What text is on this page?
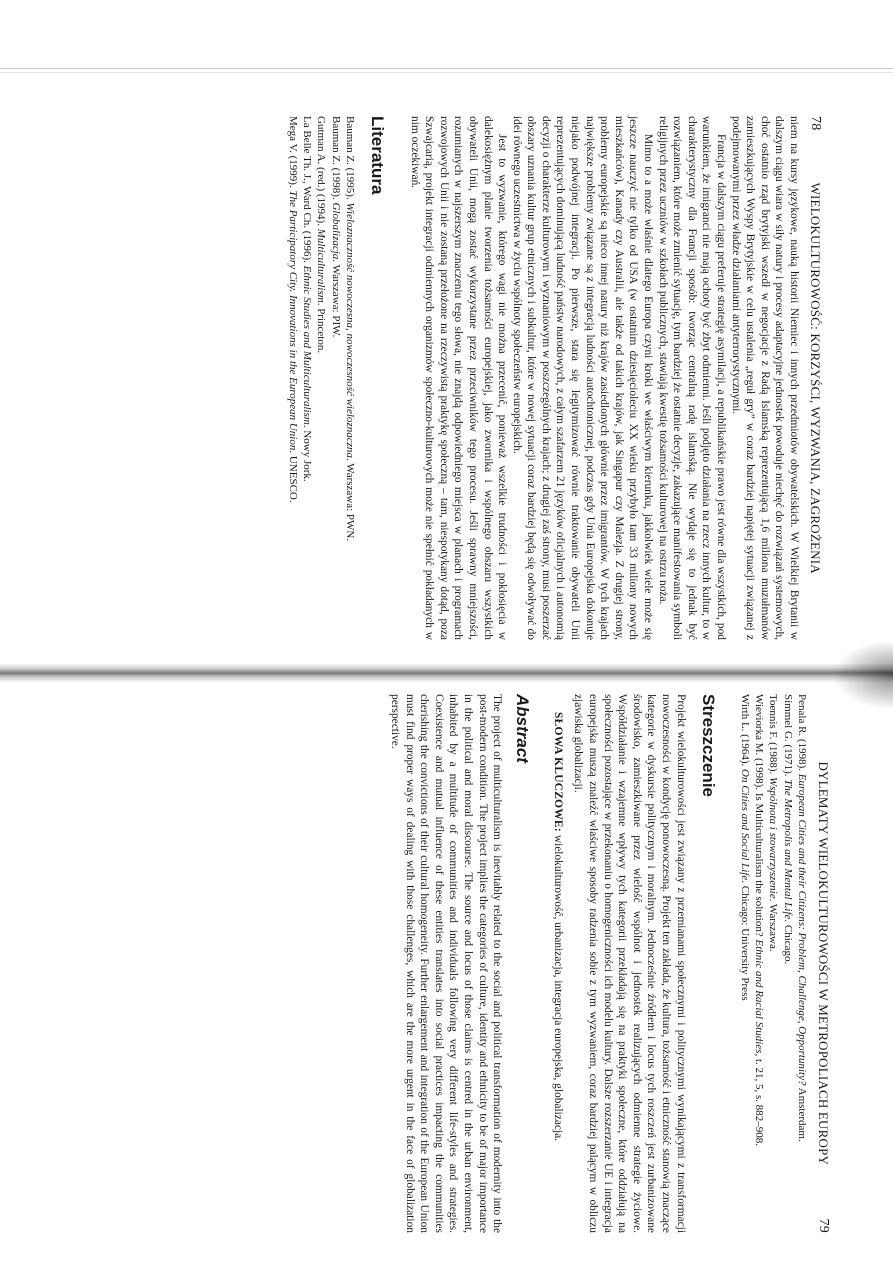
78
WIELOKULTUROWOŚĆ: KORZYŚCI, WYZWANIA, ZAGROŻENIA

niem na kursy językowe, nauką historii Niemiec i innych przedmiotów obywatelskich. W Wielkiej Brytanii w dalszym ciągu wiara w siły natury i procesy adaptacyjne jednostek powoduje niechęć do rozwiązań systemowych, choć ostatnio rząd brytyjski wszedł w negocjacje z Radą Islamską reprezentującą 1,6 miliona muzułmanów zamieszkujących Wyspy Brytyjskie w celu ustalenia „reguł gry” w coraz bardziej napiętej sytuacji związanej z podejmowanymi przez władze działaniami antyterrorystycznymi.

Francja w dalszym ciągu preferuje strategię asymilacji, a republikańskie prawo jest równe dla wszystkich, pod warunkiem, że imigranci nie mają ochoty być zbyt odmienni. Jeśli podjęto działania na rzecz innych kultur, to w charakterystyczny dla Francji sposób: tworząc centralną radę islamską. Nie wydaje się to jednak być rozwiązaniem, które może zmienić sytuację, tym bardziej że ostatnie decyzje, zakazujące manifestowania symboli religijnych przez uczniów w szkołach publicznych, stawiają kwestię tożsamości kulturowej na ostrzu noża.

Mimo to a może właśnie dlatego Europa czyni kroki we właściwym kierunku, jakkolwiek wiele może się jeszcze nauczyć nie tylko od USA (w ostatnim dziesięcioleciu XX wieku przybyło tam 33 miliony nowych mieszkańców), Kanady czy Australii, ale także od takich krajów, jak Singapur czy Malezja. Z drugiej strony, problemy europejskie są nieco innej natury niż krajów zasiedlonych głównie przez imigrantów. W tych krajach największe problemy związane są z integracją ludności autochtonicznej, podczas gdy Unia Europejska dokonuje niejako podwójnej integracji. Po pierwsze, stara się legitymizować równie traktowanie obywateli Unii reprezentujących dominującą ludność państw narodowych, z całym szafarzem 21 języków oficjalnych i autonomią decyzji o charakterze kulturowym i wyznaniowym w poszczególnych krajach; z drugiej zaś strony, musi poszerzać obszary uznania kultur grup etnicznych i subkultur, które w nowej sytuacji coraz bardziej będą się odwoływać do idei równego uczestnictwa w życiu wspólnoty społeczeństw europejskich.

Jest to wyzwanie, którego wagi nie można przecenić, ponieważ wszelkie trudności i pokłosięcia w dalekosiężnym planie tworzenia tożsamości europejskiej, jako zwornika i wspólnego obszaru wszystkich obywateli Unii, mogą zostać wykorzystane przez przeciwników tego procesu. Jeśli sprawny mniejszości, rozumianych w najszerszym znaczeniu tego słowa, nie znajdą odpowiedniego miejsca w planach i programach rozwojowych Unii i nie zostaną przełożone na rzeczywistą praktykę społeczną – tam, niespotykany dotąd, poza Szwajcarią, projekt integracji odmiennych organizmów społeczno-kulturowych może nie spełnić pokładanych w nim oczekiwań.

Literatura

Bauman Z. (1995). Wieloznaczność nowoczesna, nowoczesność wieloznaczna. Warszawa: PWN.

Bauman Z. (1998). Globalizacja. Warszawa: PIW.

Gutman A. (red.) (1994). Multiculturalism. Princeton.

La Belle Th. J., Ward Ch. (1996). Ethnic Studies and Multiculturalism. Nowy Jork.

Mega V. (1999). The Participatory City. Innovations in the European Union. UNESCO.

DYLEMATY WIELOKULTUROWOŚCI W METROPOLIACH EUROPY
79

Penala R. (1998). European Cities and their Citizens: Problem, Challenge, Opportunity? Amsterdam.

Simmel G. (1971). The Metropolis and Mental Life. Chicago.

Toennis F. (1988). Wspólnota i stowarzyszenie. Warszawa.

Wieviorka M. (1998). Is Multiculturalism the solution? Ethnic and Racial Studies, t. 21, 5, s. 882–908.

Wirth L. (1964). On Cities and Social Life. Chicago: University Press

Streszczenie

Projekt wielokulturowości jest związany z przemianami społecznymi i politycznymi wynikającymi z transformacji nowoczesności w kondycję ponowoczesną. Projekt ten zakłada, że kultura, tożsamość i etniczność stanowią znaczące kategorie w dyskursie politycznym i moralnym. Jednocześnie źródłem i locus tych roszczeń jest zurbanizowane środowisko, zamieszkiwane przez wielość wspólnot i jednostek realizujących odmienne strategie życiowe. Współdziałanie i wzajemne wpływy tych kategorii przekładają się na praktyki społeczne, które oddziałują na społeczności pozostające w przekonaniu o homogeniczności ich modelu kultury. Dalsze rozszerzanie UE i integracja europejska muszą znaleźć właściwe sposoby radzenia sobie z tym wyzwaniem, coraz bardziej palącym w obliczu zjawiska globalizacji.

SŁOWA KLUCZOWE: wielokulturowość, urbanizacja, integracja europejska, globalizacja.

Abstract

The project of multiculturalism is inevitably related to the social and political transformation of modernity into the post-modern condition. The project implies the categories of culture, identity and ethnicity to be of major importance in the political and moral discourse. The source and locus of those claims is centred in the urban environment, inhabited by a multitude of communities and individuals following very different life-styles and strategies. Coexistence and mutual influence of these entities translates into social practices impacting the communities cherishing the convictions of their cultural homogeneity. Further enlargement and integration of the European Union must find proper ways of dealing with those challenges, which are the more urgent in the face of globalization perspective.
